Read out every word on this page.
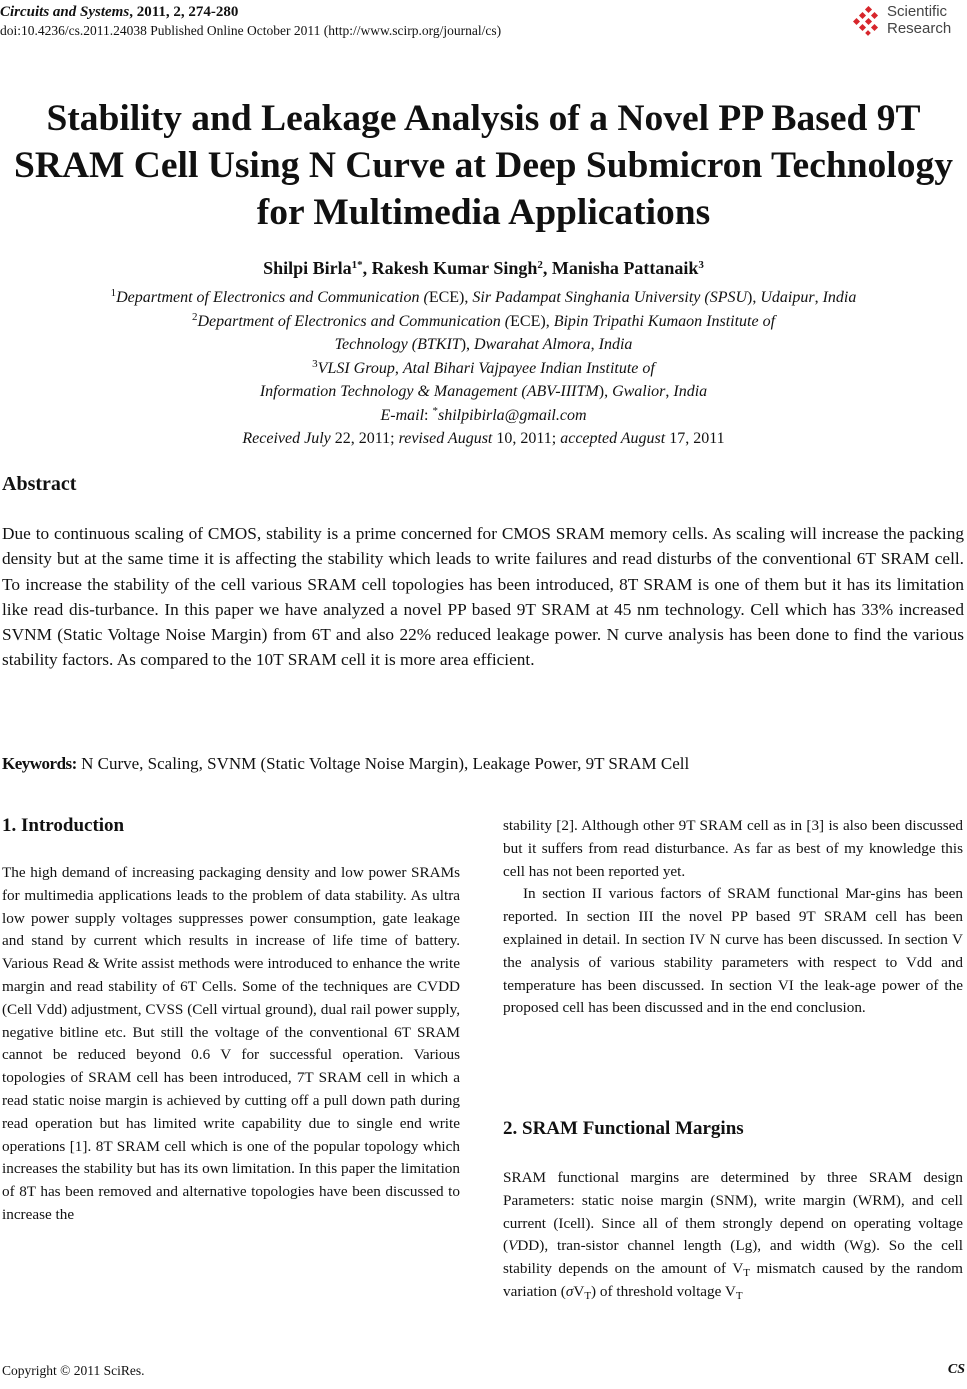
Circuits and Systems, 2011, 2, 274-280
doi:10.4236/cs.2011.24038 Published Online October 2011 (http://www.scirp.org/journal/cs)
Scientific
Research
Stability and Leakage Analysis of a Novel PP Based 9T
SRAM Cell Using N Curve at Deep Submicron Technology
for Multimedia Applications
Shilpi Birla$^{1*}$, Rakesh Kumar Singh$^2$, Manisha Pattanaik$^3$
$^1$Department of Electronics and Communication (ECE), Sir Padampat Singhania University (SPSU), Udaipur, India
$^2$Department of Electronics and Communication (ECE), Bipin Tripathi Kumaon Institute of
Technology (BTKIT), Dwarahat Almora, India
$^3$VLSI Group, Atal Bihari Vajpayee Indian Institute of
Information Technology & Management (ABV-IIITM), Gwalior, India
E-mail: *shilpibirla@gmail.com
Received July 22, 2011; revised August 10, 2011; accepted August 17, 2011
Abstract
Due to continuous scaling of CMOS, stability is a prime concerned for CMOS SRAM memory cells. As scaling will increase the packing density but at the same time it is affecting the stability which leads to write failures and read disturbs of the conventional 6T SRAM cell. To increase the stability of the cell various SRAM cell topologies has been introduced, 8T SRAM is one of them but it has its limitation like read dis-turbance. In this paper we have analyzed a novel PP based 9T SRAM at 45 nm technology. Cell which has 33% increased SVNM (Static Voltage Noise Margin) from 6T and also 22% reduced leakage power. N curve analysis has been done to find the various stability factors. As compared to the 10T SRAM cell it is more area efficient.
Keywords: N Curve, Scaling, SVNM (Static Voltage Noise Margin), Leakage Power, 9T SRAM Cell
1. Introduction

The high demand of increasing packaging density and low power SRAMs for multimedia applications leads to the problem of data stability. As ultra low power supply voltages suppresses power consumption, gate leakage and stand by current which results in increase of life time of battery. Various Read & Write assist methods were introduced to enhance the write margin and read stability of 6T Cells. Some of the techniques are CVDD (Cell Vdd) adjustment, CVSS (Cell virtual ground), dual rail power supply, negative bitline etc. But still the voltage of the conventional 6T SRAM cannot be reduced beyond 0.6 V for successful operation. Various topologies of SRAM cell has been introduced, 7T SRAM cell in which a read static noise margin is achieved by cutting off a pull down path during read operation but has limited write capability due to single end write operations [1]. 8T SRAM cell which is one of the popular topology which increases the stability but has its own limitation. In this paper the limitation of 8T has been removed and alternative topologies have been discussed to increase the

stability [2]. Although other 9T SRAM cell as in [3] is also been discussed but it suffers from read disturbance. As far as best of my knowledge this cell has not been reported yet.

In section II various factors of SRAM functional Mar-gins has been reported. In section III the novel PP based 9T SRAM cell has been explained in detail. In section IV N curve has been discussed. In section V the analysis of various stability parameters with respect to Vdd and temperature has been discussed. In section VI the leak-age power of the proposed cell has been discussed and in the end conclusion.

2. SRAM Functional Margins

SRAM functional margins are determined by three SRAM design Parameters: static noise margin (SNM), write margin (WRM), and cell current (Icell). Since all of them strongly depend on operating voltage (VDD), tran-sistor channel length (Lg), and width (Wg). So the cell stability depends on the amount of $V_T$ mismatch caused by the random variation $(\sigma V_T)$ of threshold voltage $V_T$

Copyright © 2011 SciRes.	CS
